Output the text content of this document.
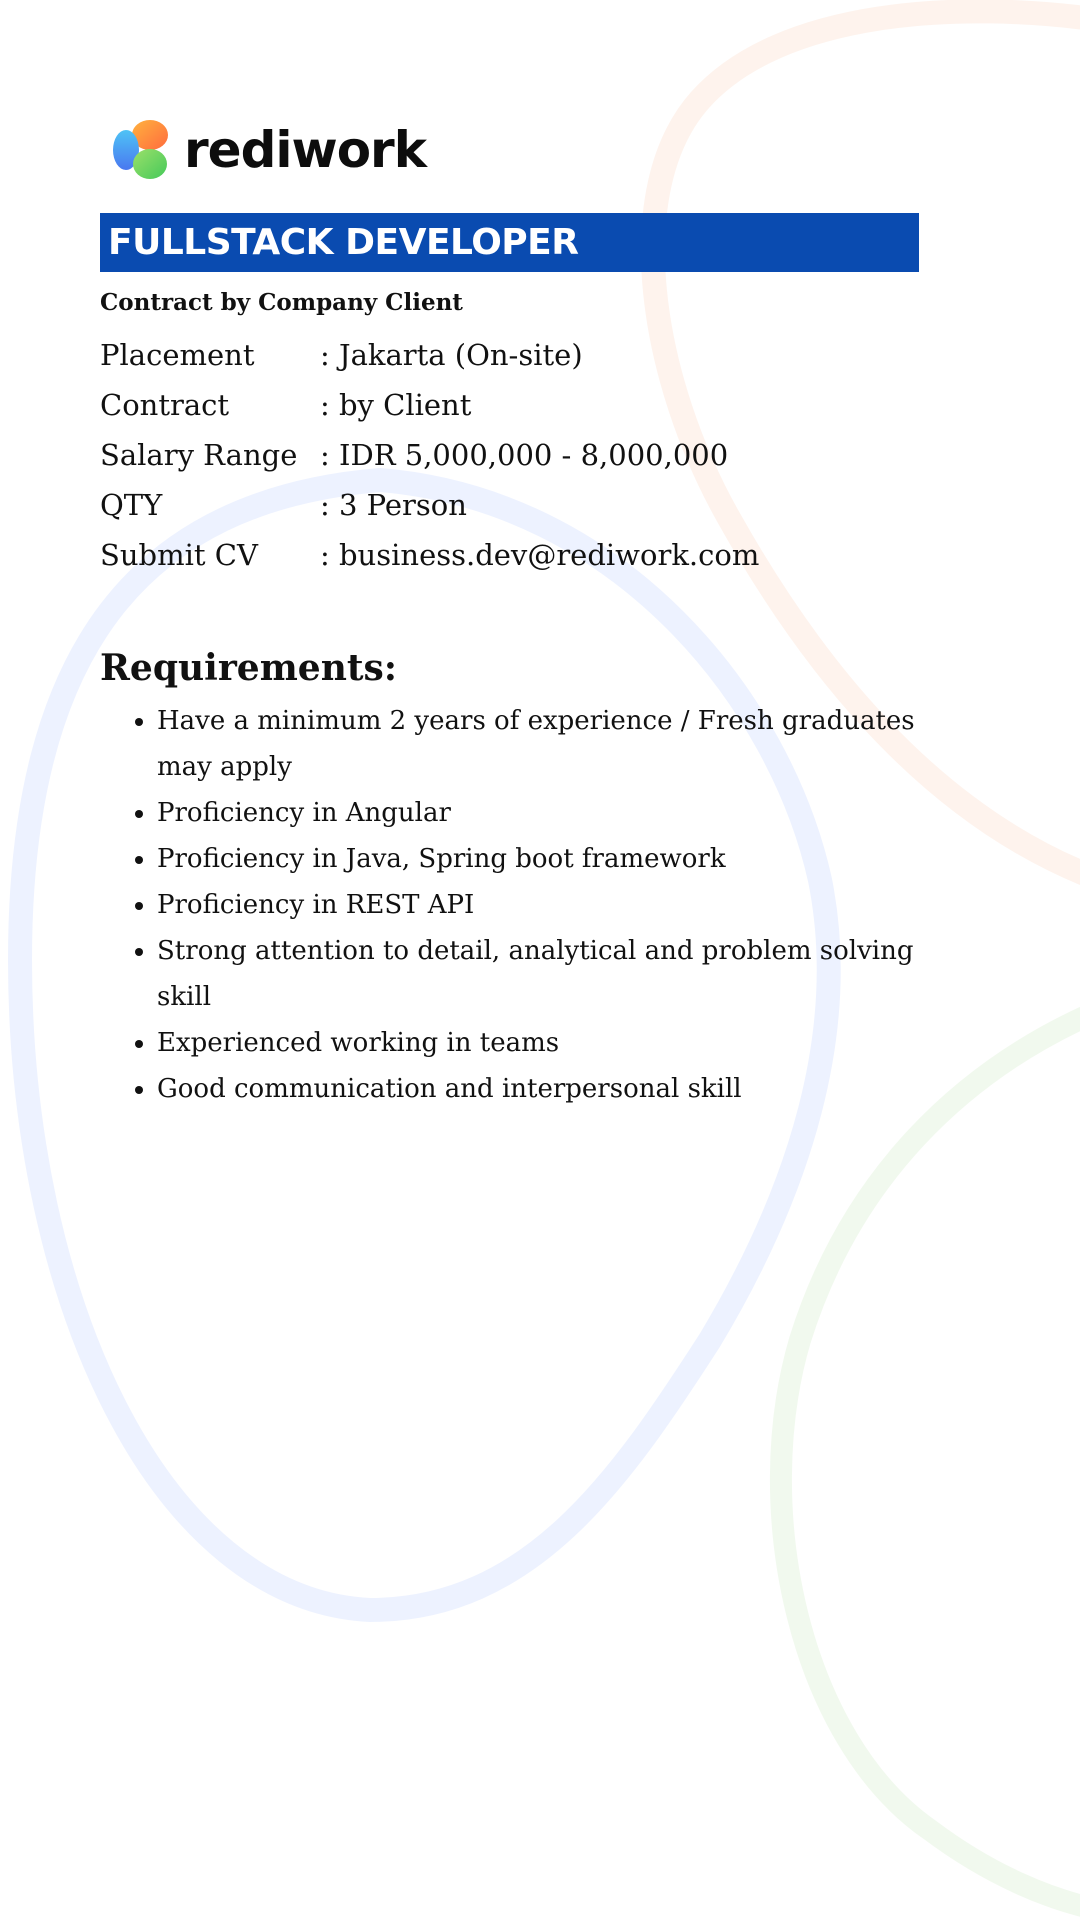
rediwork
FULLSTACK DEVELOPER
Contract by Company Client
Placement	: Jakarta (On-site)
Contract	: by Client
Salary Range : IDR 5,000,000 - 8,000,000
QTY	: 3 Person
Submit CV	: business.dev@rediwork.com
Requirements:
• Have a minimum 2 years of experience / Fresh graduates may apply
• Proficiency in Angular
• Proficiency in Java, Spring boot framework
• Proficiency in REST API
• Strong attention to detail, analytical and problem solving skill
• Experienced working in teams
• Good communication and interpersonal skill
